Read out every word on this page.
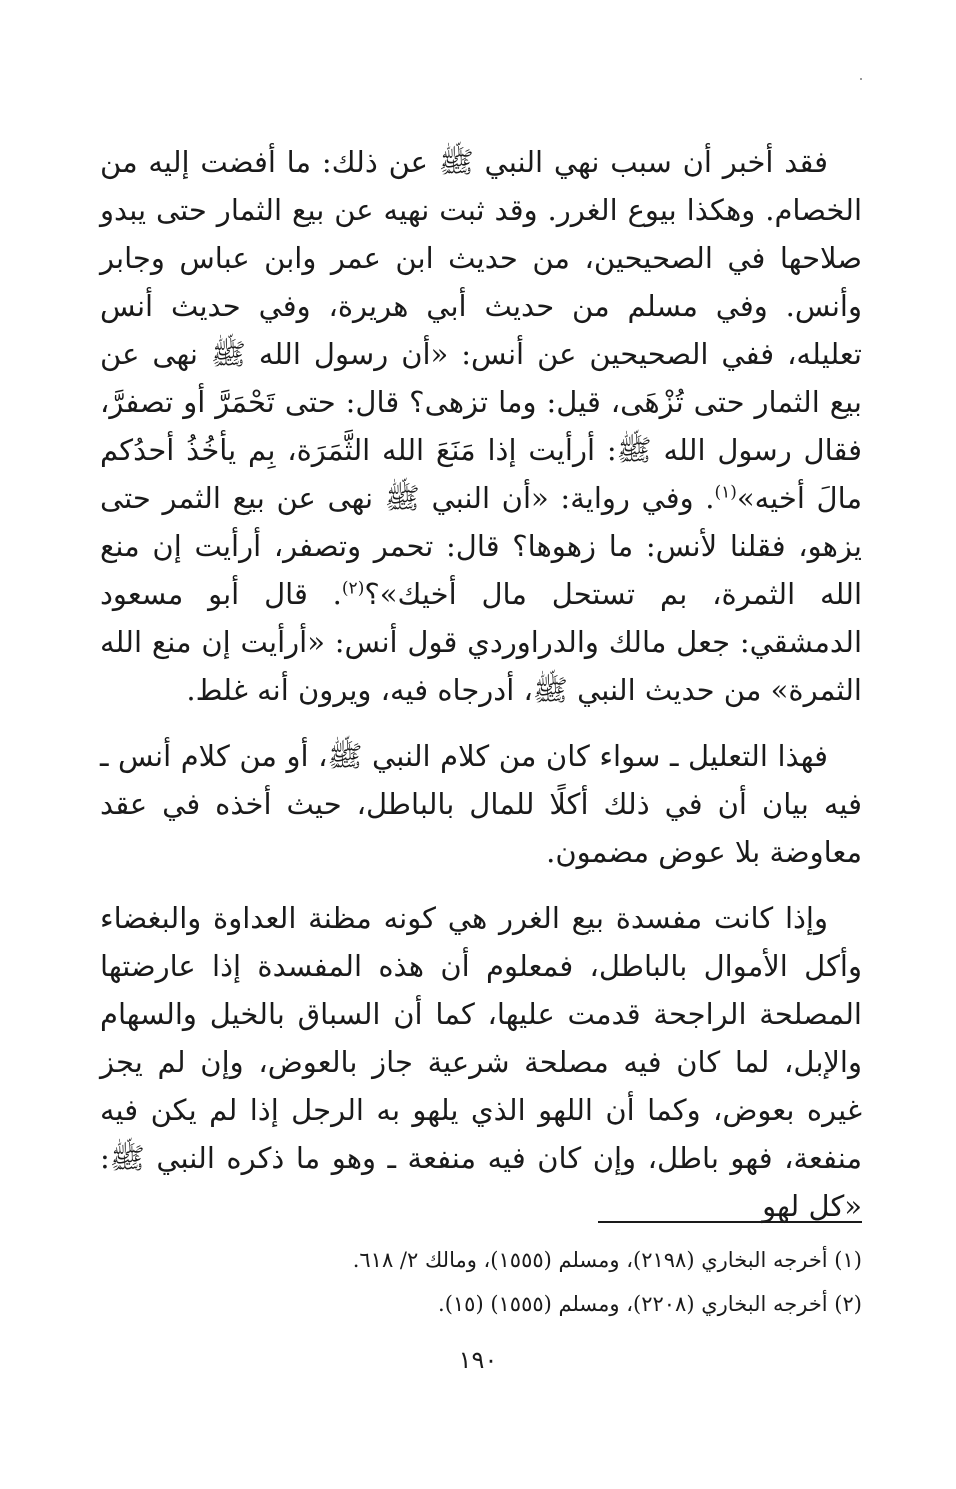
فقد أخبر أن سبب نهي النبي ﷺ عن ذلك: ما أفضت إليه من الخصام. وهكذا بيوع الغرر. وقد ثبت نهيه عن بيع الثمار حتى يبدو صلاحها في الصحيحين، من حديث ابن عمر وابن عباس وجابر وأنس. وفي مسلم من حديث أبي هريرة، وفي حديث أنس تعليله، ففي الصحيحين عن أنس: «أن رسول الله ﷺ نهى عن بيع الثمار حتى تُزْهَى، قيل: وما تزهى؟ قال: حتى تَحْمَرَّ أو تصفرَّ، فقال رسول الله ﷺ: أرأيت إذا مَنَعَ الله الثَّمَرَة، بِم يأخُذُ أحدُكم مالَ أخيه»$^{(١)}$. وفي رواية: «أن النبي ﷺ نهى عن بيع الثمر حتى يزهو، فقلنا لأنس: ما زهوها؟ قال: تحمر وتصفر، أرأيت إن منع الله الثمرة، بم تستحل مال أخيك»؟$^{(٢)}$. قال أبو مسعود الدمشقي: جعل مالك والدراوردي قول أنس: «أرأيت إن منع الله الثمرة» من حديث النبي ﷺ، أدرجاه فيه، ويرون أنه غلط.

فهذا التعليل ـ سواء كان من كلام النبي ﷺ، أو من كلام أنس ـ فيه بيان أن في ذلك أكلًا للمال بالباطل، حيث أخذه في عقد معاوضة بلا عوض مضمون.

وإذا كانت مفسدة بيع الغرر هي كونه مظنة العداوة والبغضاء وأكل الأموال بالباطل، فمعلوم أن هذه المفسدة إذا عارضتها المصلحة الراجحة قدمت عليها، كما أن السباق بالخيل والسهام والإبل، لما كان فيه مصلحة شرعية جاز بالعوض، وإن لم يجز غيره بعوض، وكما أن اللهو الذي يلهو به الرجل إذا لم يكن فيه منفعة، فهو باطل، وإن كان فيه منفعة ـ وهو ما ذكره النبي ﷺ: «كل لهو

(١) أخرجه البخاري (٢١٩٨)، ومسلم (١٥٥٥)، ومالك ٢/ ٦١٨.
(٢) أخرجه البخاري (٢٢٠٨)، ومسلم (١٥٥٥) (١٥).
١٩٠
